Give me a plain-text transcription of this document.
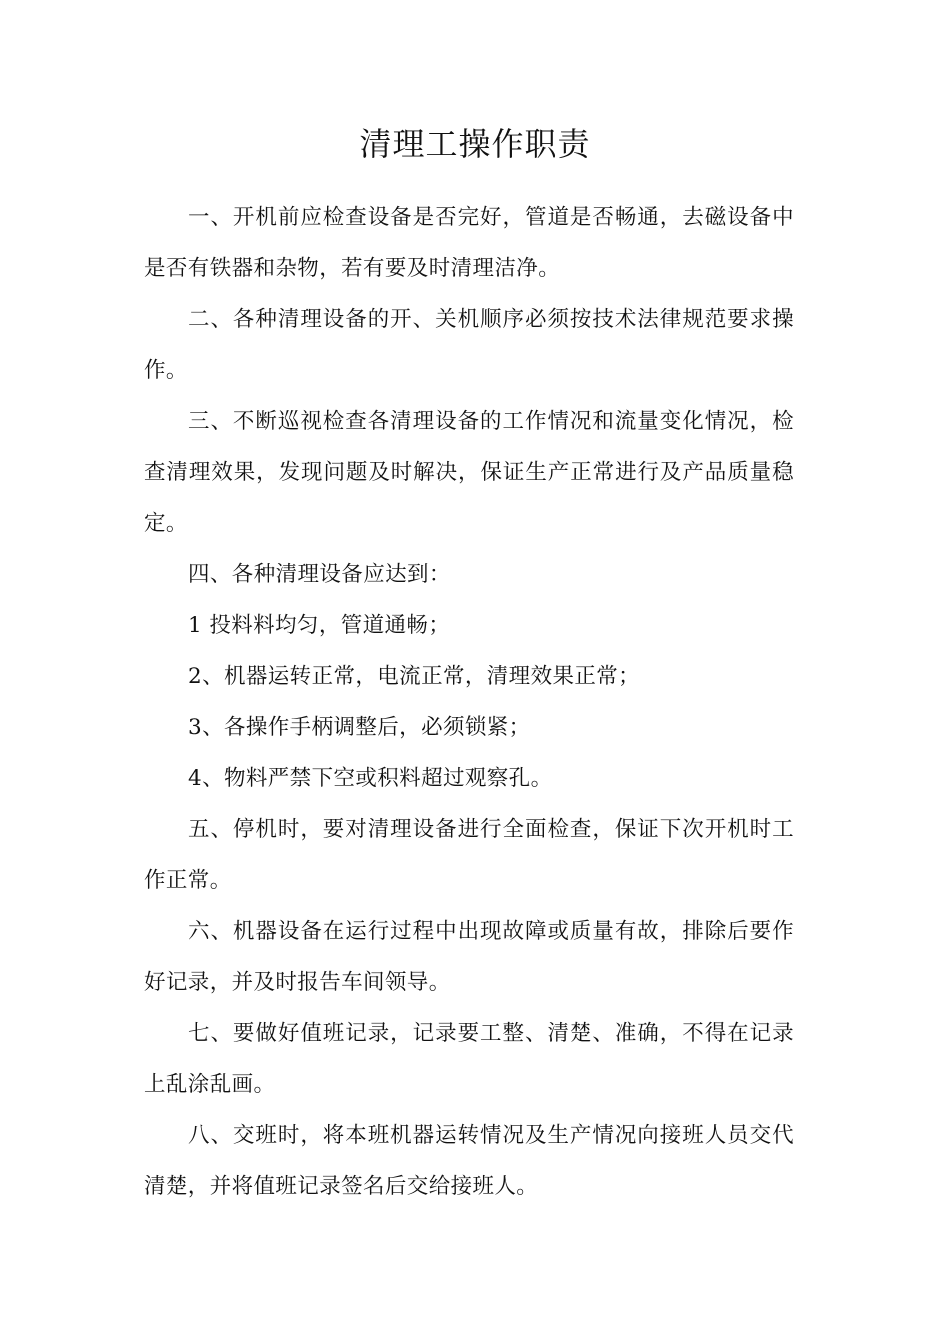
清理工操作职责

一、开机前应检查设备是否完好，管道是否畅通，去磁设备中是否有铁器和杂物，若有要及时清理洁净。

二、各种清理设备的开、关机顺序必须按技术法律规范要求操作。

三、不断巡视检查各清理设备的工作情况和流量变化情况，检查清理效果，发现问题及时解决，保证生产正常进行及产品质量稳定。

四、各种清理设备应达到：

1 投料料均匀，管道通畅；

2、机器运转正常，电流正常，清理效果正常；

3、各操作手柄调整后，必须锁紧；

4、物料严禁下空或积料超过观察孔。

五、停机时，要对清理设备进行全面检查，保证下次开机时工作正常。

六、机器设备在运行过程中出现故障或质量有故，排除后要作好记录，并及时报告车间领导。

七、要做好值班记录，记录要工整、清楚、准确，不得在记录上乱涂乱画。

八、交班时，将本班机器运转情况及生产情况向接班人员交代清楚，并将值班记录签名后交给接班人。
